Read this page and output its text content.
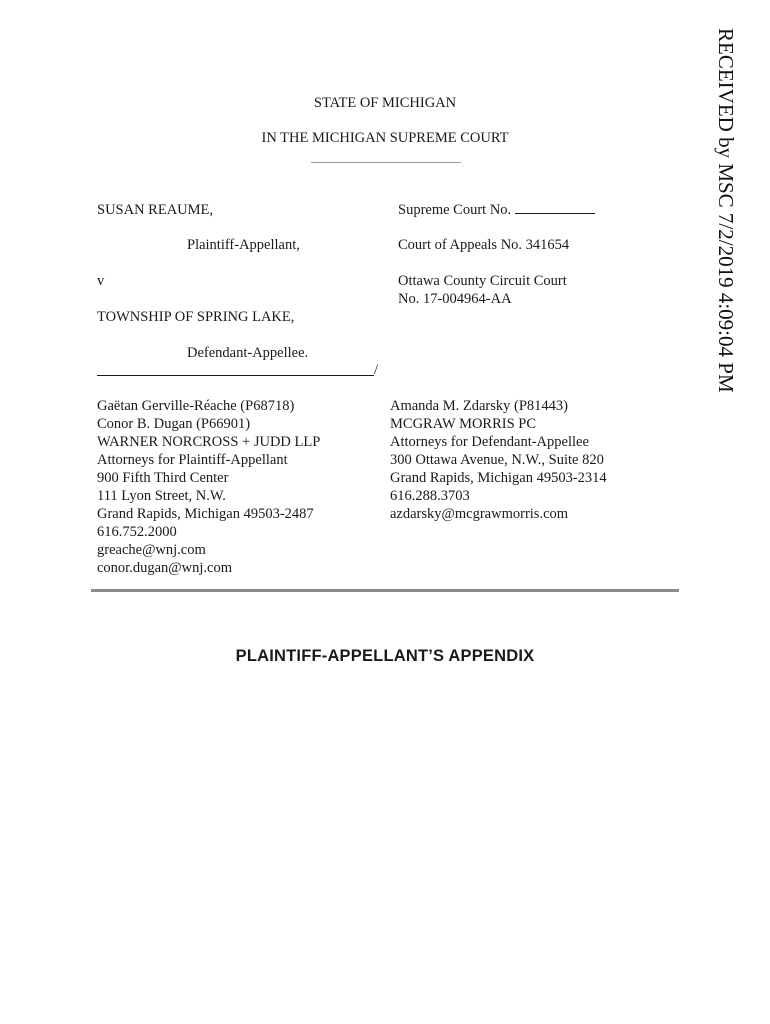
STATE OF MICHIGAN
IN THE MICHIGAN SUPREME COURT
SUSAN REAUME,
Plaintiff-Appellant,
v
TOWNSHIP OF SPRING LAKE,
Defendant-Appellee.
/
Supreme Court No.
Court of Appeals No. 341654
Ottawa County Circuit Court
No. 17-004964-AA
Gaëtan Gerville-Réache (P68718)
Conor B. Dugan (P66901)
WARNER NORCROSS + JUDD LLP
Attorneys for Plaintiff-Appellant
900 Fifth Third Center
111 Lyon Street, N.W.
Grand Rapids, Michigan 49503-2487
616.752.2000
greache@wnj.com
conor.dugan@wnj.com
Amanda M. Zdarsky (P81443)
MCGRAW MORRIS PC
Attorneys for Defendant-Appellee
300 Ottawa Avenue, N.W., Suite 820
Grand Rapids, Michigan 49503-2314
616.288.3703
azdarsky@mcgrawmorris.com
PLAINTIFF-APPELLANT’S APPENDIX
RECEIVED by MSC 7/2/2019 4:09:04 PM
